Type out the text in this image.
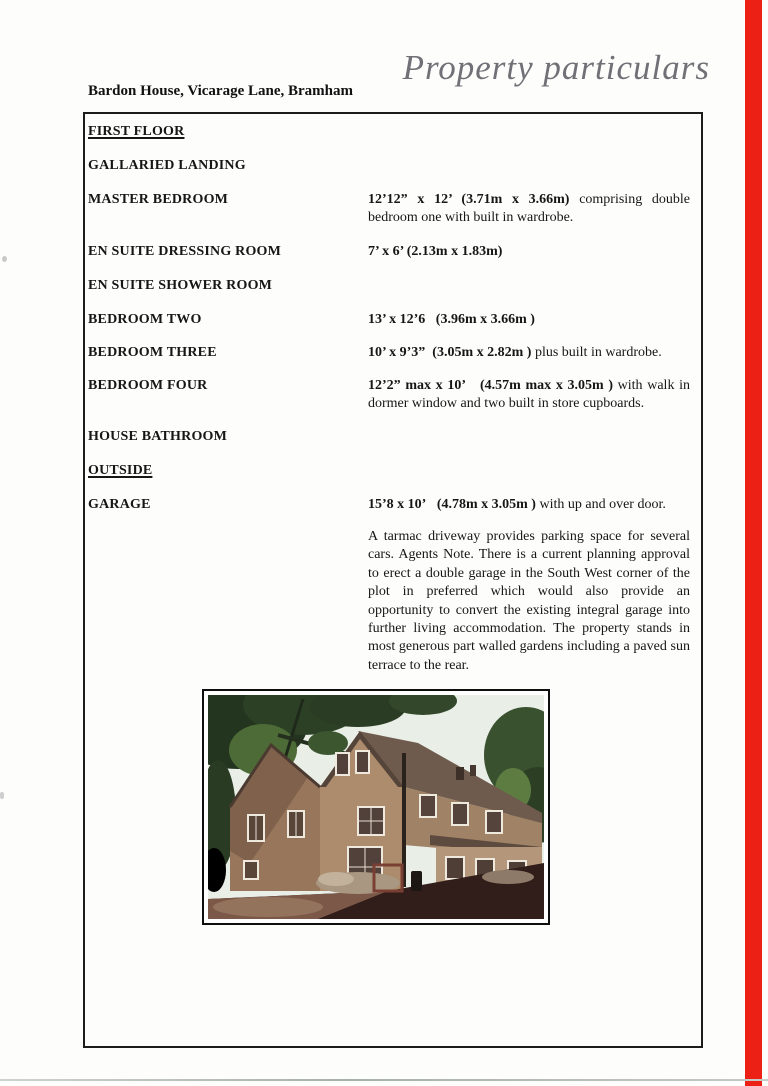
Property particulars
Bardon House, Vicarage Lane, Bramham
FIRST FLOOR
GALLARIED LANDING
MASTER BEDROOM	12’12” x 12’ (3.71m x 3.66m) comprising double bedroom one with built in wardrobe.
EN SUITE DRESSING ROOM	7’ x 6’ (2.13m x 1.83m)
EN SUITE SHOWER ROOM
BEDROOM TWO	13’ x 12’6   (3.96m x 3.66m )
BEDROOM THREE	10’ x 9’3”  (3.05m x 2.82m ) plus built in wardrobe.
BEDROOM FOUR	12’2” max x 10’   (4.57m max x 3.05m ) with walk in dormer window and two built in store cupboards.
HOUSE BATHROOM
OUTSIDE
GARAGE	15’8 x 10’   (4.78m x 3.05m ) with up and over door.
A tarmac driveway provides parking space for several cars. Agents Note. There is a current planning approval to erect a double garage in the South West corner of the plot in preferred which would also provide an opportunity to convert the existing integral garage into further living accommodation. The property stands in most generous part walled gardens including a paved sun terrace to the rear.
